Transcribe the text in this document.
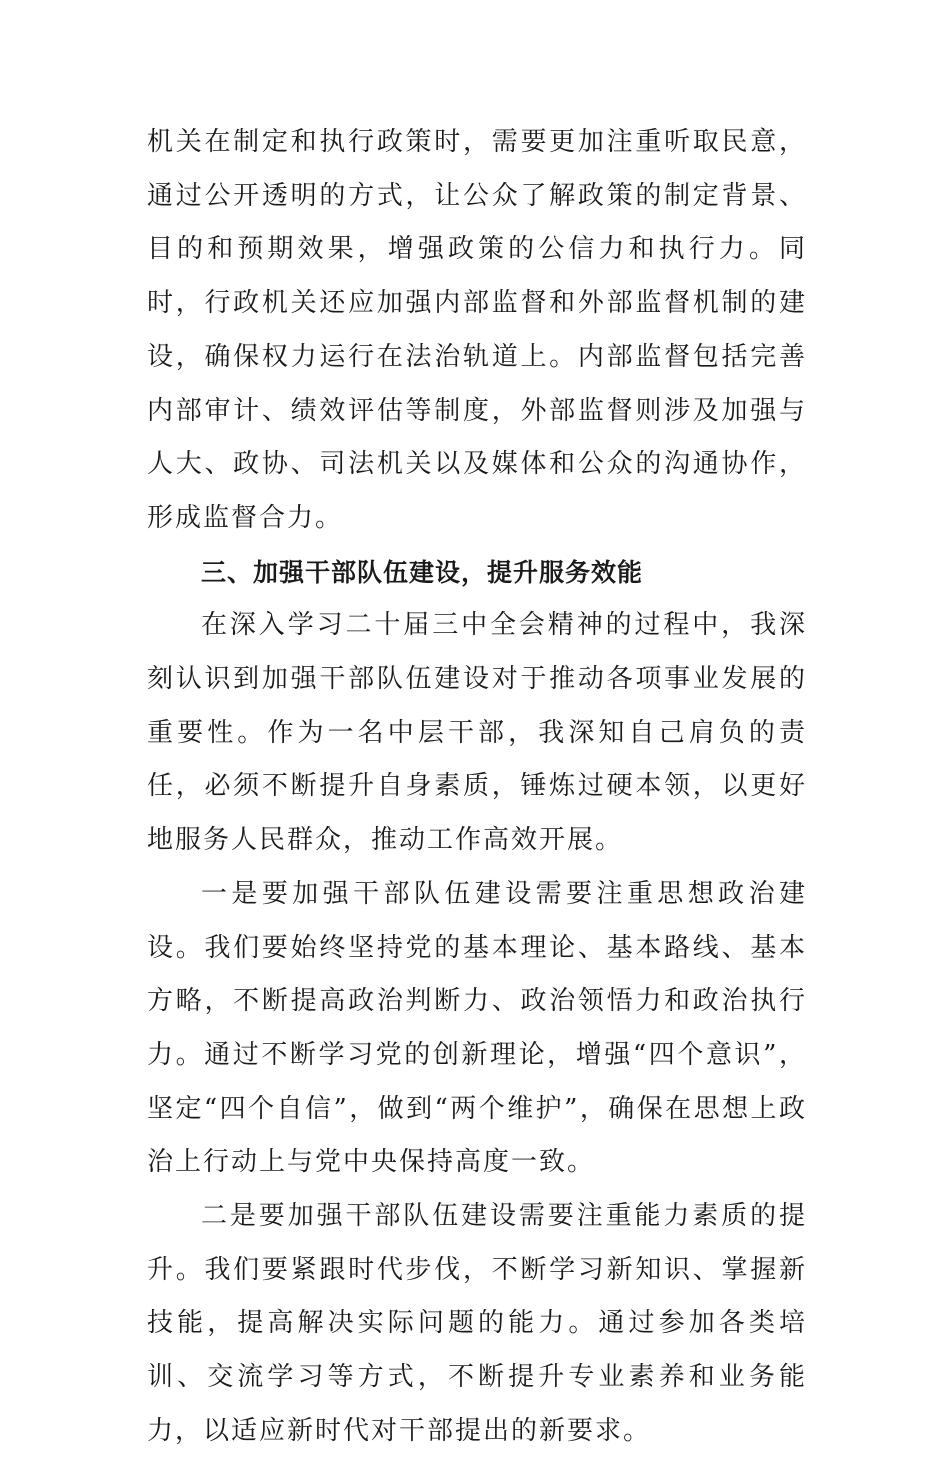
机关在制定和执行政策时，需要更加注重听取民意，通过公开透明的方式，让公众了解政策的制定背景、目的和预期效果，增强政策的公信力和执行力。同时，行政机关还应加强内部监督和外部监督机制的建设，确保权力运行在法治轨道上。内部监督包括完善内部审计、绩效评估等制度，外部监督则涉及加强与人大、政协、司法机关以及媒体和公众的沟通协作，形成监督合力。

三、加强干部队伍建设，提升服务效能

在深入学习二十届三中全会精神的过程中，我深刻认识到加强干部队伍建设对于推动各项事业发展的重要性。作为一名中层干部，我深知自己肩负的责任，必须不断提升自身素质，锤炼过硬本领，以更好地服务人民群众，推动工作高效开展。

一是要加强干部队伍建设需要注重思想政治建设。我们要始终坚持党的基本理论、基本路线、基本方略，不断提高政治判断力、政治领悟力和政治执行力。通过不断学习党的创新理论，增强“四个意识”，坚定“四个自信”，做到“两个维护”，确保在思想上政治上行动上与党中央保持高度一致。

二是要加强干部队伍建设需要注重能力素质的提升。我们要紧跟时代步伐，不断学习新知识、掌握新技能，提高解决实际问题的能力。通过参加各类培训、交流学习等方式，不断提升专业素养和业务能力，以适应新时代对干部提出的新要求。
